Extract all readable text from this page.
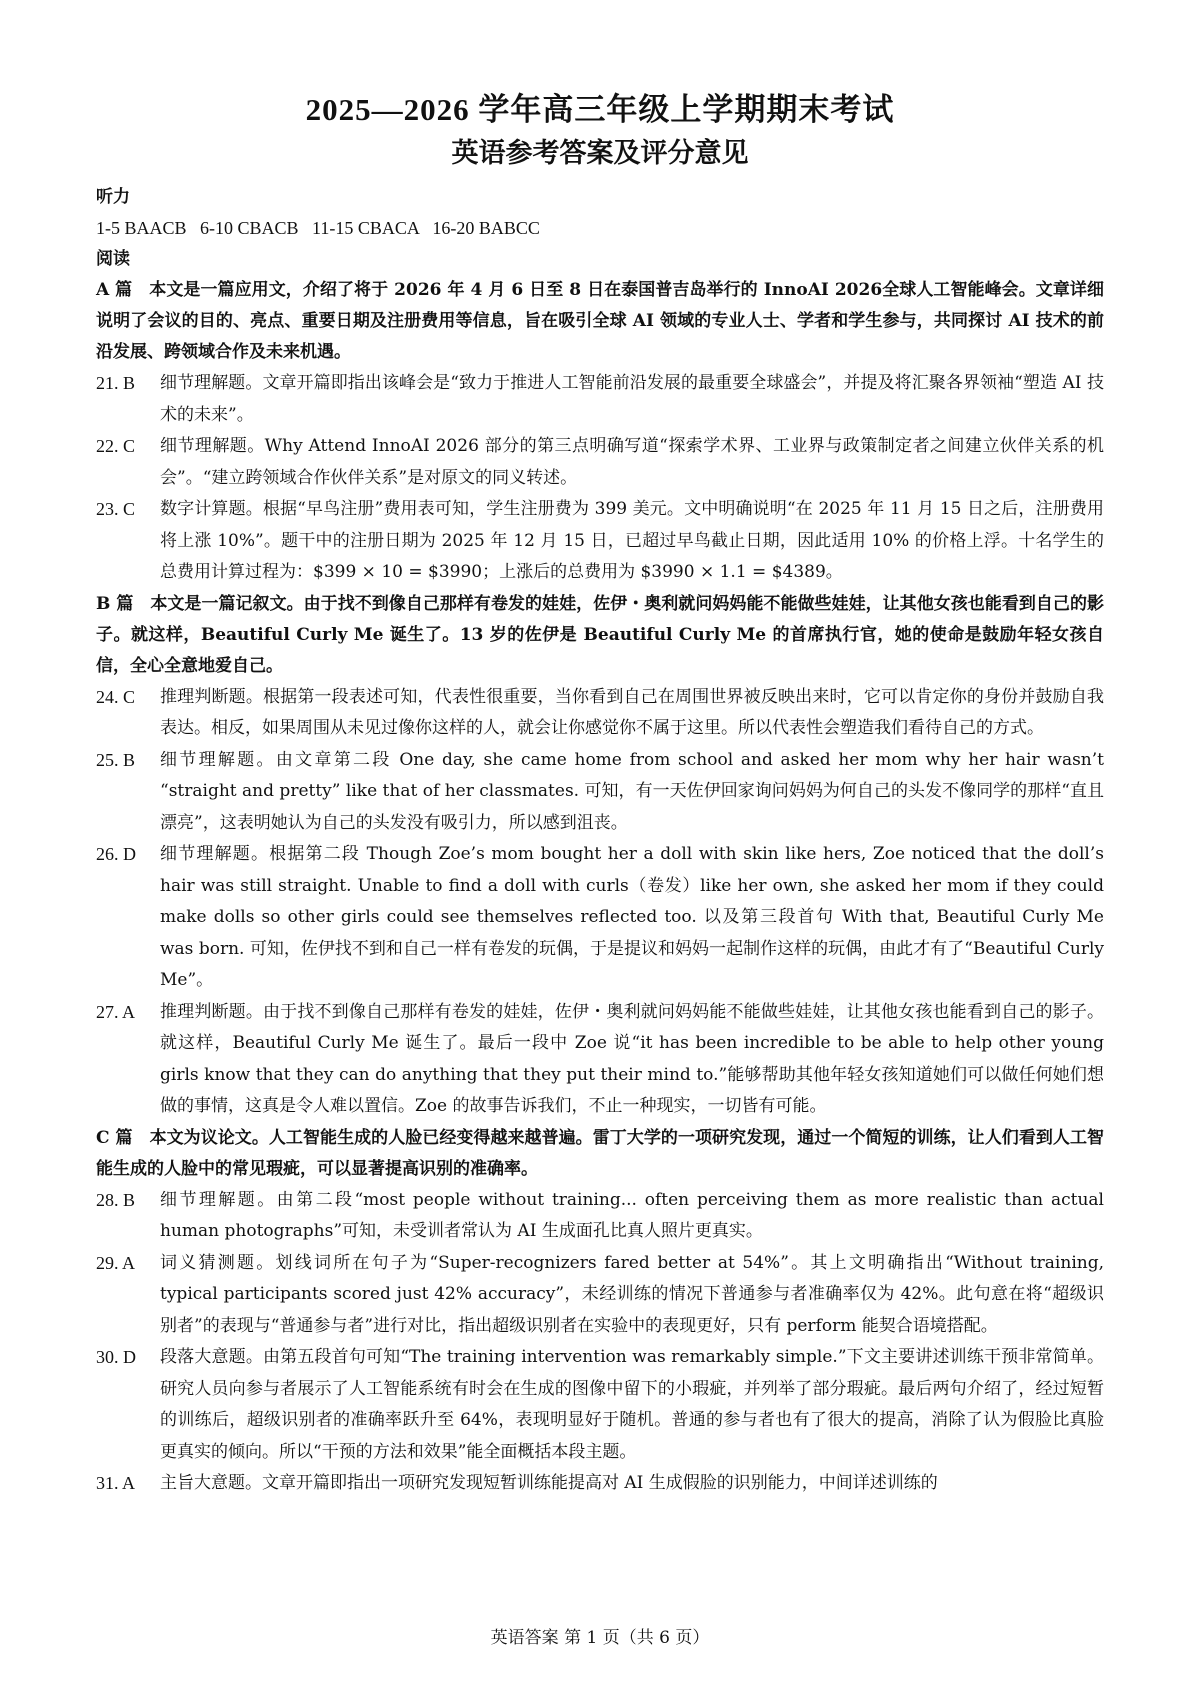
2025—2026 学年高三年级上学期期末考试
英语参考答案及评分意见
听力
1-5 BAACB   6-10 CBACB   11-15 CBACA   16-20 BABCC
阅读
A 篇　本文是一篇应用文，介绍了将于 2026 年 4 月 6 日至 8 日在泰国普吉岛举行的 InnoAI 2026全球人工智能峰会。文章详细说明了会议的目的、亮点、重要日期及注册费用等信息，旨在吸引全球 AI 领域的专业人士、学者和学生参与，共同探讨 AI 技术的前沿发展、跨领域合作及未来机遇。
21. B	细节理解题。文章开篇即指出该峰会是“致力于推进人工智能前沿发展的最重要全球盛会”，并提及将汇聚各界领袖“塑造 AI 技术的未来”。
22. C	细节理解题。Why Attend InnoAI 2026 部分的第三点明确写道“探索学术界、工业界与政策制定者之间建立伙伴关系的机会”。“建立跨领域合作伙伴关系”是对原文的同义转述。
23. C	数字计算题。根据“早鸟注册”费用表可知，学生注册费为 399 美元。文中明确说明“在 2025 年 11 月 15 日之后，注册费用将上涨 10%”。题干中的注册日期为 2025 年 12 月 15 日，已超过早鸟截止日期，因此适用 10% 的价格上浮。十名学生的总费用计算过程为：$399 × 10 = $3990；上涨后的总费用为 $3990 × 1.1 = $4389。
B 篇　本文是一篇记叙文。由于找不到像自己那样有卷发的娃娃，佐伊・奥利就问妈妈能不能做些娃娃，让其他女孩也能看到自己的影子。就这样，Beautiful Curly Me 诞生了。13 岁的佐伊是 Beautiful Curly Me 的首席执行官，她的使命是鼓励年轻女孩自信，全心全意地爱自己。
24. C	推理判断题。根据第一段表述可知，代表性很重要，当你看到自己在周围世界被反映出来时，它可以肯定你的身份并鼓励自我表达。相反，如果周围从未见过像你这样的人，就会让你感觉你不属于这里。所以代表性会塑造我们看待自己的方式。
25. B	细节理解题。由文章第二段 One day, she came home from school and asked her mom why her hair wasn’t “straight and pretty” like that of her classmates. 可知，有一天佐伊回家询问妈妈为何自己的头发不像同学的那样“直且漂亮”，这表明她认为自己的头发没有吸引力，所以感到沮丧。
26. D	细节理解题。根据第二段 Though Zoe’s mom bought her a doll with skin like hers, Zoe noticed that the doll’s hair was still straight. Unable to find a doll with curls（卷发）like her own, she asked her mom if they could make dolls so other girls could see themselves reflected too. 以及第三段首句 With that, Beautiful Curly Me was born. 可知，佐伊找不到和自己一样有卷发的玩偶，于是提议和妈妈一起制作这样的玩偶，由此才有了“Beautiful Curly Me”。
27. A	推理判断题。由于找不到像自己那样有卷发的娃娃，佐伊・奥利就问妈妈能不能做些娃娃，让其他女孩也能看到自己的影子。就这样，Beautiful Curly Me 诞生了。最后一段中 Zoe 说“it has been incredible to be able to help other young girls know that they can do anything that they put their mind to.”能够帮助其他年轻女孩知道她们可以做任何她们想做的事情，这真是令人难以置信。Zoe 的故事告诉我们，不止一种现实，一切皆有可能。
C 篇　本文为议论文。人工智能生成的人脸已经变得越来越普遍。雷丁大学的一项研究发现，通过一个简短的训练，让人们看到人工智能生成的人脸中的常见瑕疵，可以显著提高识别的准确率。
28. B	细节理解题。由第二段“most people without training... often perceiving them as more realistic than actual human photographs”可知，未受训者常认为 AI 生成面孔比真人照片更真实。
29. A	词义猜测题。划线词所在句子为“Super-recognizers fared better at 54%”。其上文明确指出“Without training, typical participants scored just 42% accuracy”，未经训练的情况下普通参与者准确率仅为 42%。此句意在将“超级识别者”的表现与“普通参与者”进行对比，指出超级识别者在实验中的表现更好，只有 perform 能契合语境搭配。
30. D	段落大意题。由第五段首句可知“The training intervention was remarkably simple.”下文主要讲述训练干预非常简单。研究人员向参与者展示了人工智能系统有时会在生成的图像中留下的小瑕疵，并列举了部分瑕疵。最后两句介绍了，经过短暂的训练后，超级识别者的准确率跃升至 64%，表现明显好于随机。普通的参与者也有了很大的提高，消除了认为假脸比真脸更真实的倾向。所以“干预的方法和效果”能全面概括本段主题。
31. A	主旨大意题。文章开篇即指出一项研究发现短暂训练能提高对 AI 生成假脸的识别能力，中间详述训练的
英语答案 第 1 页（共 6 页）
